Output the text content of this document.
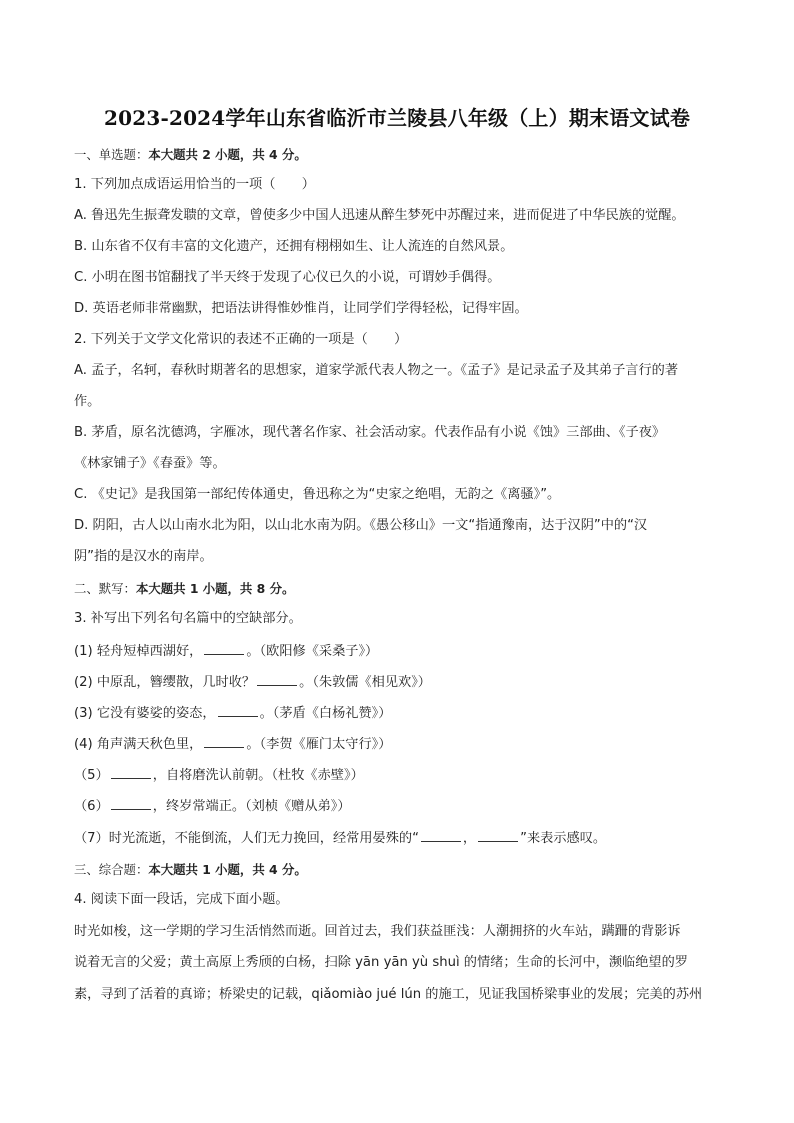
2023-2024学年山东省临沂市兰陵县八年级（上）期末语文试卷
一、单选题：本大题共 2 小题，共 4 分。
1. 下列加点成语运用恰当的一项（　　）
A. 鲁迅先生振聋发聩的文章，曾使多少中国人迅速从醉生梦死中苏醒过来，进而促进了中华民族的觉醒。
B. 山东省不仅有丰富的文化遗产，还拥有栩栩如生、让人流连的自然风景。
C. 小明在图书馆翻找了半天终于发现了心仪已久的小说，可谓妙手偶得。
D. 英语老师非常幽默，把语法讲得惟妙惟肖，让同学们学得轻松，记得牢固。
2. 下列关于文学文化常识的表述不正确的一项是（　　）
A. 孟子，名轲，春秋时期著名的思想家，道家学派代表人物之一。《孟子》是记录孟子及其弟子言行的著
作。
B. 茅盾，原名沈德鸿，字雁冰，现代著名作家、社会活动家。代表作品有小说《蚀》三部曲、《子夜》
《林家铺子》《春蚕》等。
C. 《史记》是我国第一部纪传体通史，鲁迅称之为“史家之绝唱，无韵之《离骚》”。
D. 阴阳，古人以山南水北为阳，以山北水南为阴。《愚公移山》一文“指通豫南，达于汉阴”中的“汉
阴”指的是汉水的南岸。
二、默写：本大题共 1 小题，共 8 分。
3. 补写出下列名句名篇中的空缺部分。
(1) 轻舟短棹西湖好，	。（欧阳修《采桑子》）
(2) 中原乱，簪缨散，几时收？	。（朱敦儒《相见欢》）
(3) 它没有婆娑的姿态，	。（茅盾《白杨礼赞》）
(4) 角声满天秋色里，	。（李贺《雁门太守行》）
（5）	，自将磨洗认前朝。（杜牧《赤壁》）
（6）	，终岁常端正。（刘桢《赠从弟》）
（7）时光流逝，不能倒流，人们无力挽回，经常用晏殊的“	，	”来表示感叹。
三、综合题：本大题共 1 小题，共 4 分。
4. 阅读下面一段话，完成下面小题。
时光如梭，这一学期的学习生活悄然而逝。回首过去，我们获益匪浅：人潮拥挤的火车站，蹒跚的背影诉
说着无言的父爱；黄土高原上秀颀的白杨，扫除 yān yān yù shuì 的情绪；生命的长河中，濒临绝望的罗
素，寻到了活着的真谛；桥梁史的记载，qiǎomiào jué lún 的施工，见证我国桥梁事业的发展；完美的苏州
